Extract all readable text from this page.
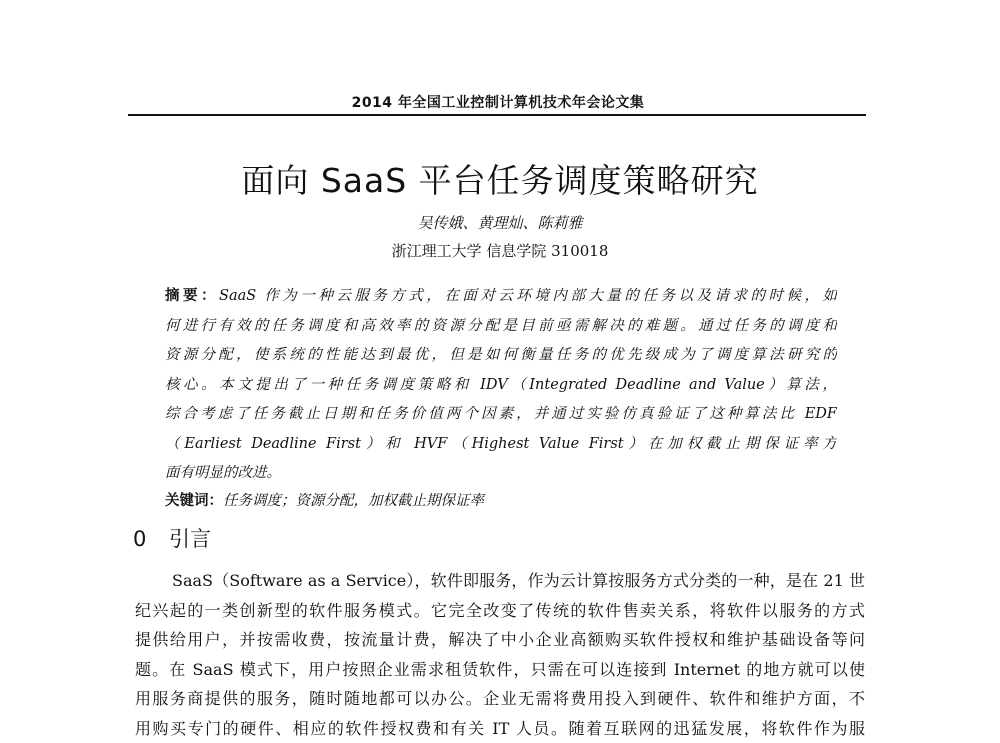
2014 年全国工业控制计算机技术年会论文集
面向 SaaS 平台任务调度策略研究
吴传娥、黄理灿、陈莉雅
浙江理工大学 信息学院 310018
摘要：SaaS 作为一种云服务方式，在面对云环境内部大量的任务以及请求的时候，如
何进行有效的任务调度和高效率的资源分配是目前亟需解决的难题。通过任务的调度和
资源分配，使系统的性能达到最优，但是如何衡量任务的优先级成为了调度算法研究的
核心。本文提出了一种任务调度策略和 IDV（Integrated Deadline and Value）算法，
综合考虑了任务截止日期和任务价值两个因素，并通过实验仿真验证了这种算法比 EDF
（Earliest Deadline First）和 HVF（Highest Value First）在加权截止期保证率方
面有明显的改进。
关键词：任务调度；资源分配，加权截止期保证率
0 引言
SaaS（Software as a Service），软件即服务，作为云计算按服务方式分类的一种，是在 21 世
纪兴起的一类创新型的软件服务模式。它完全改变了传统的软件售卖关系，将软件以服务的方式
提供给用户，并按需收费，按流量计费，解决了中小企业高额购买软件授权和维护基础设备等问
题。在 SaaS 模式下，用户按照企业需求租赁软件，只需在可以连接到 Internet 的地方就可以使
用服务商提供的服务，随时随地都可以办公。企业无需将费用投入到硬件、软件和维护方面，不
用购买专门的硬件、相应的软件授权费和有关 IT 人员。随着互联网的迅猛发展，将软件作为服
